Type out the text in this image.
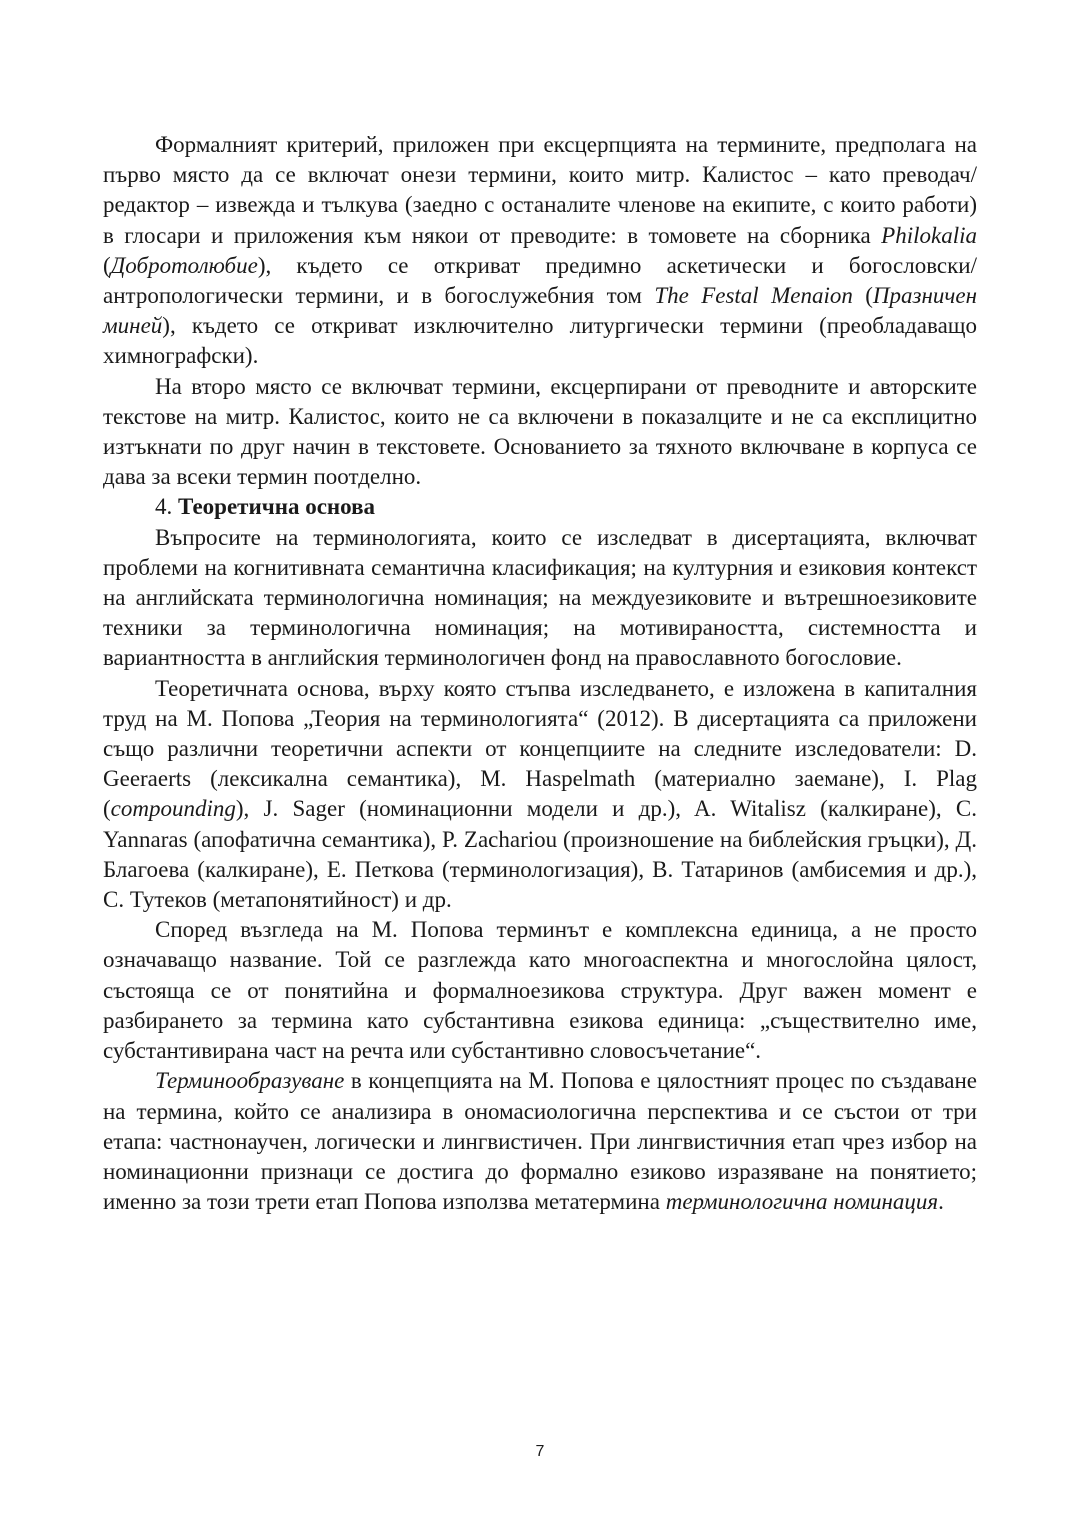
Формалният критерий, приложен при ексцерпцията на термините, предполага на първо място да се включат онези термини, които митр. Калистос – като преводач/редактор – извежда и тълкува (заедно с останалите членове на екипите, с които работи) в глосари и приложения към някои от преводите: в томовете на сборника Philokalia (Добротолюбие), където се откриват предимно аскетически и богословски/антропологически термини, и в богослужебния том The Festal Menaion (Празничен миней), където се откриват изключително литургически термини (преобладаващо химнографски).

На второ място се включват термини, ексцерпирани от преводните и авторските текстове на митр. Калистос, които не са включени в показалците и не са експлицитно изтъкнати по друг начин в текстовете. Основанието за тяхното включване в корпуса се дава за всеки термин поотделно.

4. Теоретична основа

Въпросите на терминологията, които се изследват в дисертацията, включват проблеми на когнитивната семантична класификация; на културния и езиковия контекст на английската терминологична номинация; на междуезиковите и вътрешноезиковите техники за терминологична номинация; на мотивираността, системността и вариантността в английския терминологичен фонд на православното богословие.

Теоретичната основа, върху която стъпва изследването, е изложена в капиталния труд на М. Попова „Теория на терминологията“ (2012). В дисертацията са приложени също различни теоретични аспекти от концепциите на следните изследователи: D. Geeraerts (лексикална семантика), M. Haspelmath (материално заемане), I. Plag (compounding), J. Sager (номинационни модели и др.), A. Witalisz (калкиране), C. Yannaras (апофатична семантика), P. Zachariou (произношение на библейския гръцки), Д. Благоева (калкиране), Е. Петкова (терминологизация), В. Татаринов (амбисемия и др.), С. Тутеков (метапонятийност) и др.

Според възгледа на М. Попова терминът е комплексна единица, а не просто означаващо название. Той се разглежда като многоаспектна и многослойна цялост, състояща се от понятийна и формалноезикова структура. Друг важен момент е разбирането за термина като субстантивна езикова единица: „съществително име, субстантивирана част на речта или субстантивно словосъчетание“.

Терминообразуване в концепцията на М. Попова е цялостният процес по създаване на термина, който се анализира в ономасиологична перспектива и се състои от три етапа: частнонаучен, логически и лингвистичен. При лингвистичния етап чрез избор на номинационни признаци се достига до формално езиково изразяване на понятието; именно за този трети етап Попова използва метатермина терминологична номинация.

7
